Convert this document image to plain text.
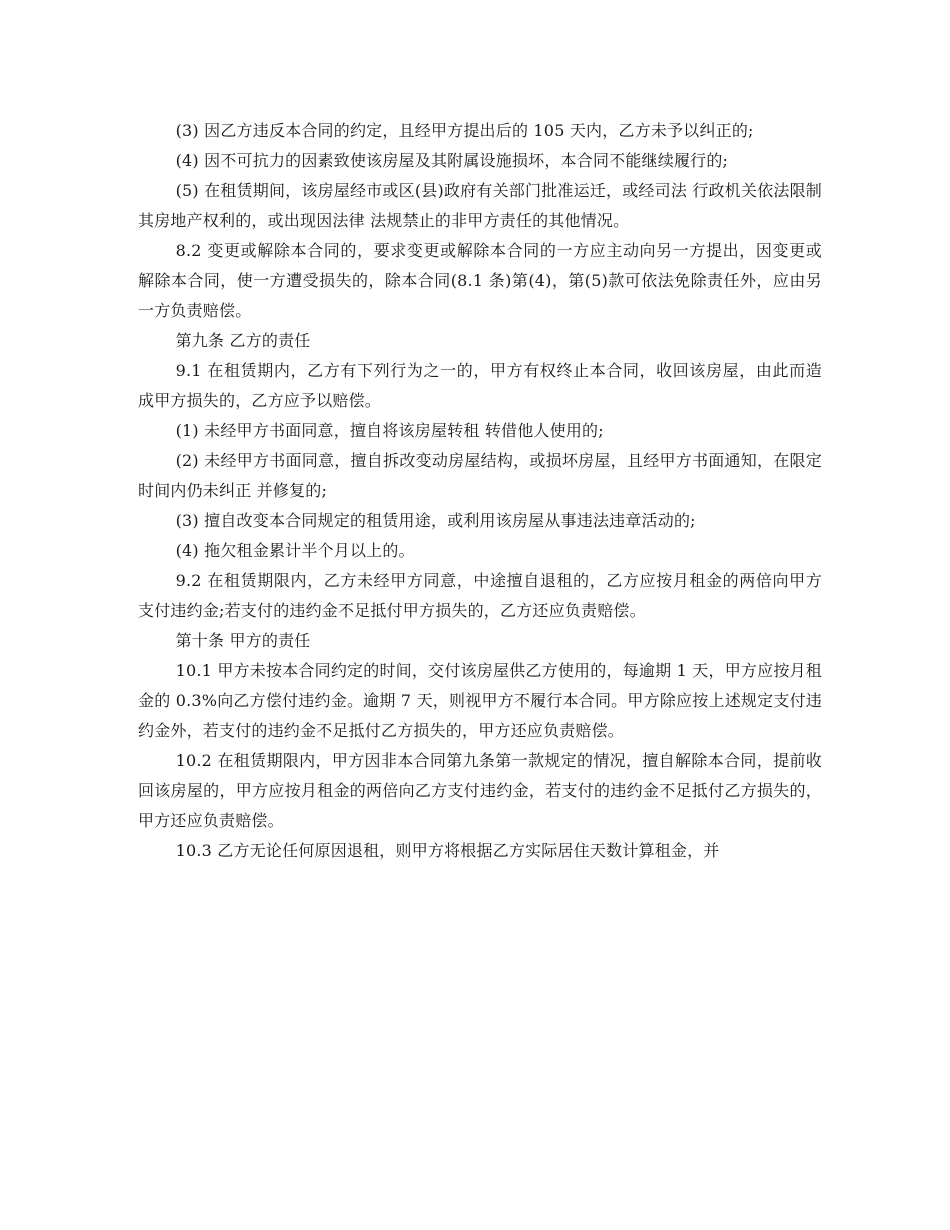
(3) 因乙方违反本合同的约定，且经甲方提出后的 105 天内，乙方未予以纠正的;

(4) 因不可抗力的因素致使该房屋及其附属设施损坏，本合同不能继续履行的;

(5) 在租赁期间，该房屋经市或区(县)政府有关部门批准运迁，或经司法 行政机关依法限制其房地产权利的，或出现因法律 法规禁止的非甲方责任的其他情况。

8.2 变更或解除本合同的，要求变更或解除本合同的一方应主动向另一方提出，因变更或解除本合同，使一方遭受损失的，除本合同(8.1 条)第(4)，第(5)款可依法免除责任外，应由另一方负责赔偿。

第九条 乙方的责任

9.1 在租赁期内，乙方有下列行为之一的，甲方有权终止本合同，收回该房屋，由此而造成甲方损失的，乙方应予以赔偿。

(1) 未经甲方书面同意，擅自将该房屋转租 转借他人使用的;

(2) 未经甲方书面同意，擅自拆改变动房屋结构，或损坏房屋，且经甲方书面通知，在限定时间内仍未纠正 并修复的;

(3) 擅自改变本合同规定的租赁用途，或利用该房屋从事违法违章活动的;

(4) 拖欠租金累计半个月以上的。

9.2 在租赁期限内，乙方未经甲方同意，中途擅自退租的，乙方应按月租金的两倍向甲方支付违约金;若支付的违约金不足抵付甲方损失的，乙方还应负责赔偿。

第十条 甲方的责任

10.1 甲方未按本合同约定的时间，交付该房屋供乙方使用的，每逾期 1 天，甲方应按月租金的 0.3%向乙方偿付违约金。逾期 7 天，则视甲方不履行本合同。甲方除应按上述规定支付违约金外，若支付的违约金不足抵付乙方损失的，甲方还应负责赔偿。

10.2 在租赁期限内，甲方因非本合同第九条第一款规定的情况，擅自解除本合同，提前收回该房屋的，甲方应按月租金的两倍向乙方支付违约金，若支付的违约金不足抵付乙方损失的，甲方还应负责赔偿。

10.3 乙方无论任何原因退租，则甲方将根据乙方实际居住天数计算租金，并
